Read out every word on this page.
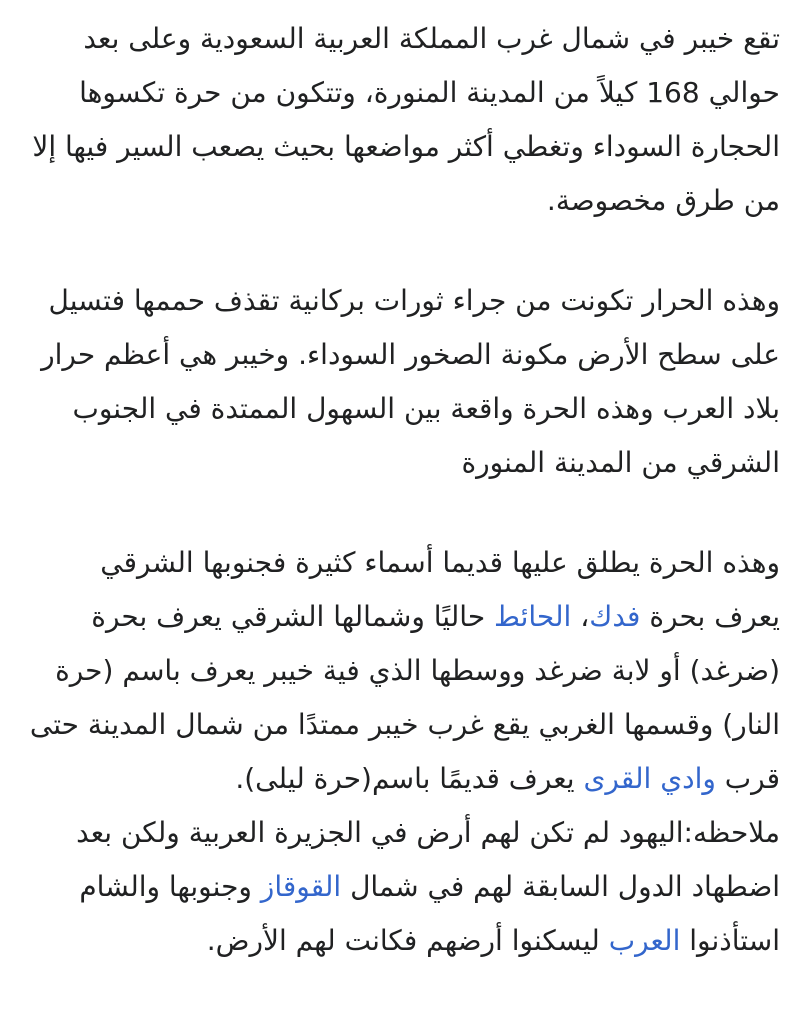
تقع خيبر في شمال غرب المملكة العربية السعودية وعلى بعد حوالي 168 كيلاً من المدينة المنورة، وتتكون من حرة تكسوها الحجارة السوداء وتغطي أكثر مواضعها بحيث يصعب السير فيها إلا من طرق مخصوصة.

وهذه الحرار تكونت من جراء ثورات بركانية تقذف حممها فتسيل على سطح الأرض مكونة الصخور السوداء. وخيبر هي أعظم حرار بلاد العرب وهذه الحرة واقعة بين السهول الممتدة في الجنوب الشرقي من المدينة المنورة

وهذه الحرة يطلق عليها قديما أسماء كثيرة فجنوبها الشرقي يعرف بحرة فدك، الحائط حاليًا وشمالها الشرقي يعرف بحرة (ضرغد) أو لابة ضرغد ووسطها الذي فية خيبر يعرف باسم (حرة النار) وقسمها الغربي يقع غرب خيبر ممتدًا من شمال المدينة حتى قرب وادي القرى يعرف قديمًا باسم(حرة ليلى).

ملاحظه:اليهود لم تكن لهم أرض في الجزيرة العربية ولكن بعد اضطهاد الدول السابقة لهم في شمال القوقاز وجنوبها والشام استأذنوا العرب ليسكنوا أرضهم فكانت لهم الأرض.
